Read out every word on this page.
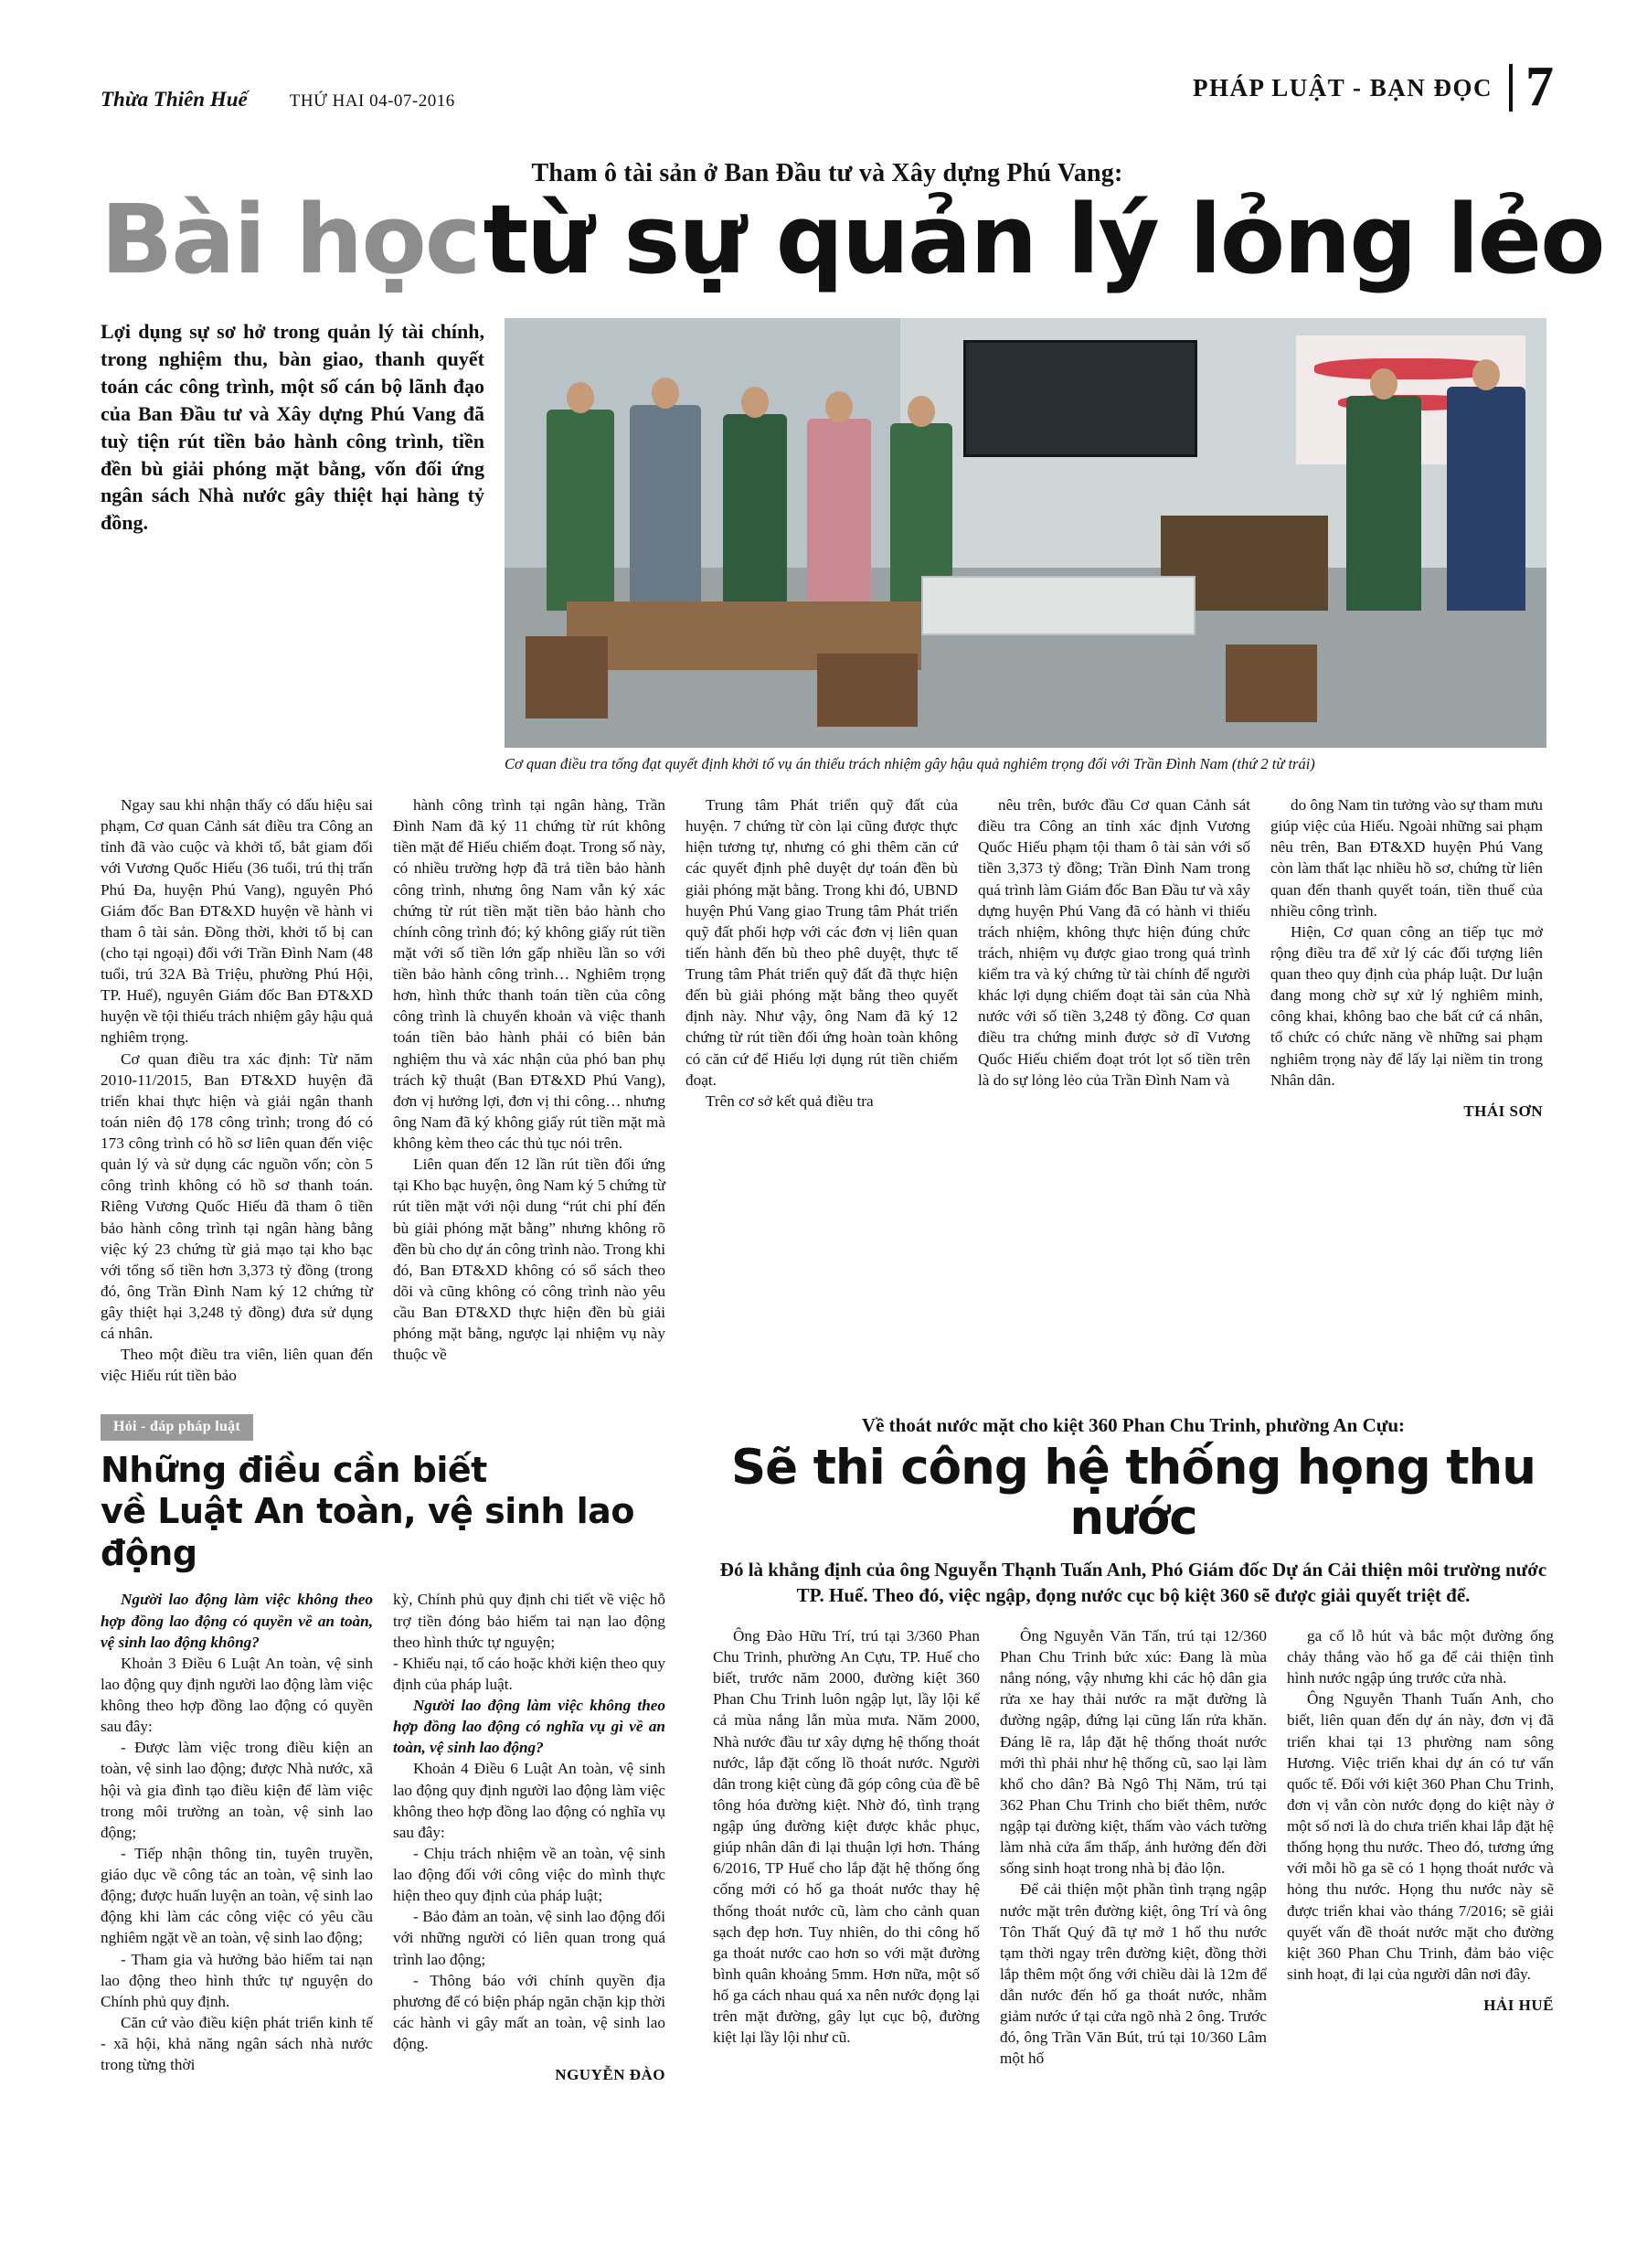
Thừa Thiên Huế THỨ HAI 04-07-2016	PHÁP LUẬT - BẠN ĐỌC 7
Tham ô tài sản ở Ban Đầu tư và Xây dựng Phú Vang:
Bài học từ sự quản lý lỏng lẻo
Lợi dụng sự sơ hở trong quản lý tài chính, trong nghiệm thu, bàn giao, thanh quyết toán các công trình, một số cán bộ lãnh đạo của Ban Đầu tư và Xây dựng Phú Vang đã tuỳ tiện rút tiền bảo hành công trình, tiền đền bù giải phóng mặt bằng, vốn đối ứng ngân sách Nhà nước gây thiệt hại hàng tỷ đồng.
Cơ quan điều tra tống đạt quyết định khởi tố vụ án thiếu trách nhiệm gây hậu quả nghiêm trọng đối với Trần Đình Nam (thứ 2 từ trái)

Ngay sau khi nhận thấy có dấu hiệu sai phạm, Cơ quan Cảnh sát điều tra Công an tỉnh đã vào cuộc và khởi tố, bắt giam đối với Vương Quốc Hiếu (36 tuổi, trú thị trấn Phú Đa, huyện Phú Vang), nguyên Phó Giám đốc Ban ĐT&XD huyện về hành vi tham ô tài sản. Đồng thời, khởi tố bị can (cho tại ngoại) đối với Trần Đình Nam (48 tuổi, trú 32A Bà Triệu, phường Phú Hội, TP. Huế), nguyên Giám đốc Ban ĐT&XD huyện về tội thiếu trách nhiệm gây hậu quả nghiêm trọng.

Cơ quan điều tra xác định: Từ năm 2010-11/2015, Ban ĐT&XD huyện đã triển khai thực hiện và giải ngân thanh toán niên độ 178 công trình; trong đó có 173 công trình có hồ sơ liên quan đến việc quản lý và sử dụng các nguồn vốn; còn 5 công trình không có hồ sơ thanh toán. Riêng Vương Quốc Hiếu đã tham ô tiền bảo hành công trình tại ngân hàng bằng việc ký 23 chứng từ giả mạo tại kho bạc với tổng số tiền hơn 3,373 tỷ đồng (trong đó, ông Trần Đình Nam ký 12 chứng từ gây thiệt hại 3,248 tỷ đồng) đưa sử dụng cá nhân.

Theo một điều tra viên, liên quan đến việc Hiếu rút tiền bảo

hành công trình tại ngân hàng, Trần Đình Nam đã ký 11 chứng từ rút không tiền mặt để Hiếu chiếm đoạt. Trong số này, có nhiều trường hợp đã trả tiền bảo hành công trình, nhưng ông Nam vẫn ký xác chứng từ rút tiền mặt tiền bảo hành cho chính công trình đó; ký không giấy rút tiền mặt với số tiền lớn gấp nhiều lần so với tiền bảo hành công trình… Nghiêm trọng hơn, hình thức thanh toán tiền của công công trình là chuyển khoản và việc thanh toán tiền bảo hành phải có biên bản nghiệm thu và xác nhận của phó ban phụ trách kỹ thuật (Ban ĐT&XD Phú Vang), đơn vị hưởng lợi, đơn vị thi công… nhưng ông Nam đã ký không giấy rút tiền mặt mà không kèm theo các thủ tục nói trên.

Liên quan đến 12 lần rút tiền đối ứng tại Kho bạc huyện, ông Nam ký 5 chứng từ rút tiền mặt với nội dung “rút chi phí đến bù giải phóng mặt bằng” nhưng không rõ đền bù cho dự án công trình nào. Trong khi đó, Ban ĐT&XD không có sổ sách theo dõi và cũng không có công trình nào yêu cầu Ban ĐT&XD thực hiện đền bù giải phóng mặt bằng, ngược lại nhiệm vụ này thuộc về

Trung tâm Phát triển quỹ đất của huyện. 7 chứng từ còn lại cũng được thực hiện tương tự, nhưng có ghi thêm căn cứ các quyết định phê duyệt dự toán đền bù giải phóng mặt bằng. Trong khi đó, UBND huyện Phú Vang giao Trung tâm Phát triển quỹ đất phối hợp với các đơn vị liên quan tiến hành đến bù theo phê duyệt, thực tế Trung tâm Phát triển quỹ đất đã thực hiện đến bù giải phóng mặt bằng theo quyết định này. Như vậy, ông Nam đã ký 12 chứng từ rút tiền đối ứng hoàn toàn không có căn cứ để Hiếu lợi dụng rút tiền chiếm đoạt.

Trên cơ sở kết quả điều tra

nêu trên, bước đầu Cơ quan Cảnh sát điều tra Công an tỉnh xác định Vương Quốc Hiếu phạm tội tham ô tài sản với số tiền 3,373 tỷ đồng; Trần Đình Nam trong quá trình làm Giám đốc Ban Đầu tư và xây dựng huyện Phú Vang đã có hành vi thiếu trách nhiệm, không thực hiện đúng chức trách, nhiệm vụ được giao trong quá trình kiểm tra và ký chứng từ tài chính để người khác lợi dụng chiếm đoạt tài sản của Nhà nước với số tiền 3,248 tỷ đồng. Cơ quan điều tra chứng minh được sở dĩ Vương Quốc Hiếu chiếm đoạt trót lọt số tiền trên là do sự lỏng lẻo của Trần Đình Nam và

do ông Nam tin tưởng vào sự tham mưu giúp việc của Hiếu. Ngoài những sai phạm nêu trên, Ban ĐT&XD huyện Phú Vang còn làm thất lạc nhiều hồ sơ, chứng từ liên quan đến thanh quyết toán, tiền thuế của nhiều công trình.

Hiện, Cơ quan công an tiếp tục mở rộng điều tra để xử lý các đối tượng liên quan theo quy định của pháp luật. Dư luận đang mong chờ sự xử lý nghiêm minh, công khai, không bao che bất cứ cá nhân, tổ chức có chức năng về những sai phạm nghiêm trọng này để lấy lại niềm tin trong Nhân dân.

THÁI SƠN
Hỏi - đáp pháp luật
Những điều cần biết
về Luật An toàn, vệ sinh lao động

Người lao động làm việc không theo hợp đồng lao động có quyền về an toàn, vệ sinh lao động không?

Khoản 3 Điều 6 Luật An toàn, vệ sinh lao động quy định người lao động làm việc không theo hợp đồng lao động có quyền sau đây:

- Được làm việc trong điều kiện an toàn, vệ sinh lao động; được Nhà nước, xã hội và gia đình tạo điều kiện để làm việc trong môi trường an toàn, vệ sinh lao động;

- Tiếp nhận thông tin, tuyên truyền, giáo dục về công tác an toàn, vệ sinh lao động; được huấn luyện an toàn, vệ sinh lao động khi làm các công việc có yêu cầu nghiêm ngặt về an toàn, vệ sinh lao động;

- Tham gia và hưởng bảo hiểm tai nạn lao động theo hình thức tự nguyện do Chính phủ quy định.

Căn cứ vào điều kiện phát triển kinh tế - xã hội, khả năng ngân sách nhà nước trong từng thời

kỳ, Chính phủ quy định chi tiết về việc hỗ trợ tiền đóng bảo hiểm tai nạn lao động theo hình thức tự nguyện;

- Khiếu nại, tố cáo hoặc khởi kiện theo quy định của pháp luật.

Người lao động làm việc không theo hợp đồng lao động có nghĩa vụ gì về an toàn, vệ sinh lao động?

Khoản 4 Điều 6 Luật An toàn, vệ sinh lao động quy định người lao động làm việc không theo hợp đồng lao động có nghĩa vụ sau đây:

- Chịu trách nhiệm về an toàn, vệ sinh lao động đối với công việc do mình thực hiện theo quy định của pháp luật;

- Bảo đảm an toàn, vệ sinh lao động đối với những người có liên quan trong quá trình lao động;

- Thông báo với chính quyền địa phương để có biện pháp ngăn chặn kịp thời các hành vi gây mất an toàn, vệ sinh lao động.

NGUYỄN ĐÀO
Về thoát nước mặt cho kiệt 360 Phan Chu Trinh, phường An Cựu:
Sẽ thi công hệ thống họng thu nước
Đó là khẳng định của ông Nguyễn Thạnh Tuấn Anh, Phó Giám đốc Dự án Cải thiện môi trường nước TP. Huế. Theo đó, việc ngập, đọng nước cục bộ kiệt 360 sẽ được giải quyết triệt để.

Ông Đào Hữu Trí, trú tại 3/360 Phan Chu Trinh, phường An Cựu, TP. Huế cho biết, trước năm 2000, đường kiệt 360 Phan Chu Trinh luôn ngập lụt, lầy lội kể cả mùa nắng lẫn mùa mưa. Năm 2000, Nhà nước đầu tư xây dựng hệ thống thoát nước, lắp đặt cống lồ thoát nước. Người dân trong kiệt cùng đã góp công của đề bê tông hóa đường kiệt. Nhờ đó, tình trạng ngập úng đường kiệt được khắc phục, giúp nhân dân đi lại thuận lợi hơn. Tháng 6/2016, TP Huế cho lắp đặt hệ thống ống cống mới có hố ga thoát nước thay hệ thống thoát nước cũ, làm cho cảnh quan sạch đẹp hơn. Tuy nhiên, do thi công hố ga thoát nước cao hơn so với mặt đường bình quân khoảng 5mm. Hơn nữa, một số hố ga cách nhau quá xa nên nước đọng lại trên mặt đường, gây lụt cục bộ, đường kiệt lại lầy lội như cũ.

Ông Nguyễn Văn Tấn, trú tại 12/360 Phan Chu Trinh bức xúc: Đang là mùa nắng nóng, vậy nhưng khi các hộ dân gia rửa xe hay thải nước ra mặt đường là đường ngập, đứng lại cũng lấn rửa khăn. Đáng lẽ ra, lắp đặt hệ thống thoát nước mới thì phải như hệ thống cũ, sao lại làm khổ cho dân? Bà Ngô Thị Năm, trú tại 362 Phan Chu Trinh cho biết thêm, nước ngập tại đường kiệt, thấm vào vách tường làm nhà cửa ẩm thấp, ảnh hưởng đến đời sống sinh hoạt trong nhà bị đảo lộn.

Để cải thiện một phần tình trạng ngập nước mặt trên đường kiệt, ông Trí và ông Tôn Thất Quý đã tự mở 1 hố thu nước tạm thời ngay trên đường kiệt, đồng thời lắp thêm một ống với chiều dài là 12m để dẫn nước đến hố ga thoát nước, nhằm giảm nước ứ tại cửa ngõ nhà 2 ông. Trước đó, ông Trần Văn Bút, trú tại 10/360 Lâm một hố

ga cố lỗ hút và bắc một đường ống chảy thắng vào hố ga để cải thiện tình hình nước ngập úng trước cửa nhà.

Ông Nguyễn Thanh Tuấn Anh, cho biết, liên quan đến dự án này, đơn vị đã triển khai tại 13 phường nam sông Hương. Việc triển khai dự án có tư vấn quốc tế. Đối với kiệt 360 Phan Chu Trinh, đơn vị vẫn còn nước đọng do kiệt này ở một số nơi là do chưa triển khai lắp đặt hệ thống họng thu nước. Theo đó, tương ứng với mỗi hồ ga sẽ có 1 họng thoát nước và hỏng thu nước. Họng thu nước này sẽ được triển khai vào tháng 7/2016; sẽ giải quyết vấn đề thoát nước mặt cho đường kiệt 360 Phan Chu Trinh, đảm bảo việc sinh hoạt, đi lại của người dân nơi đây.

HẢI HUẾ
